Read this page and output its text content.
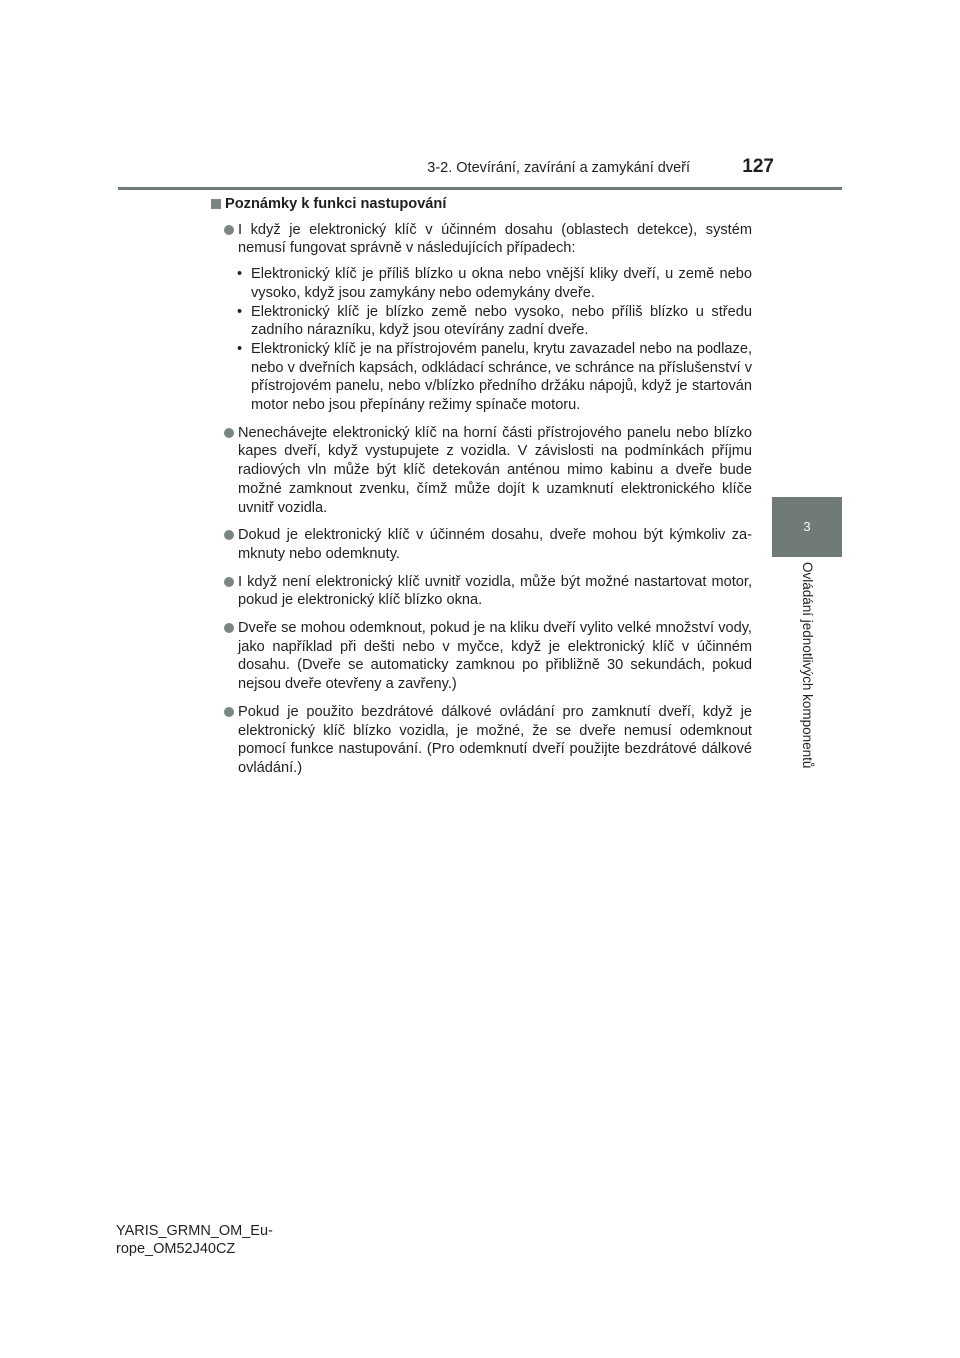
3-2. Otevírání, zavírání a zamykání dveří	127
3
Ovládání jednotlivých komponentů
Poznámky k funkci nastupování
I když je elektronický klíč v účinném dosahu (oblastech detekce), systém nemusí fungovat správně v následujících případech:
• Elektronický klíč je příliš blízko u okna nebo vnější kliky dveří, u země nebo vysoko, když jsou zamykány nebo odemykány dveře.
• Elektronický klíč je blízko země nebo vysoko, nebo příliš blízko u středu zadního nárazníku, když jsou otevírány zadní dveře.
• Elektronický klíč je na přístrojovém panelu, krytu zavazadel nebo na podlaze, nebo v dveřních kapsách, odkládací schránce, ve schránce na příslušenství v přístrojovém panelu, nebo v/blízko předního držáku nápojů, když je startován motor nebo jsou přepínány režimy spínače motoru.
Nenechávejte elektronický klíč na horní části přístrojového panelu nebo blízko kapes dveří, když vystupujete z vozidla. V závislosti na podmínkách příjmu radiových vln může být klíč detekován anténou mimo kabinu a dveře bude možné zamknout zvenku, čímž může dojít k uzamknutí elektronického klíče uvnitř vozidla.
Dokud je elektronický klíč v účinném dosahu, dveře mohou být kýmkoliv zamknuty nebo odemknuty.
I když není elektronický klíč uvnitř vozidla, může být možné nastartovat motor, pokud je elektronický klíč blízko okna.
Dveře se mohou odemknout, pokud je na kliku dveří vylito velké množství vody, jako například při dešti nebo v myčce, když je elektronický klíč v účinném dosahu. (Dveře se automaticky zamknou po přibližně 30 sekundách, pokud nejsou dveře otevřeny a zavřeny.)
Pokud je použito bezdrátové dálkové ovládání pro zamknutí dveří, když je elektronický klíč blízko vozidla, je možné, že se dveře nemusí odemknout pomocí funkce nastupování. (Pro odemknutí dveří použijte bezdrátové dálkové ovládání.)
YARIS_GRMN_OM_Eu-
rope_OM52J40CZ
